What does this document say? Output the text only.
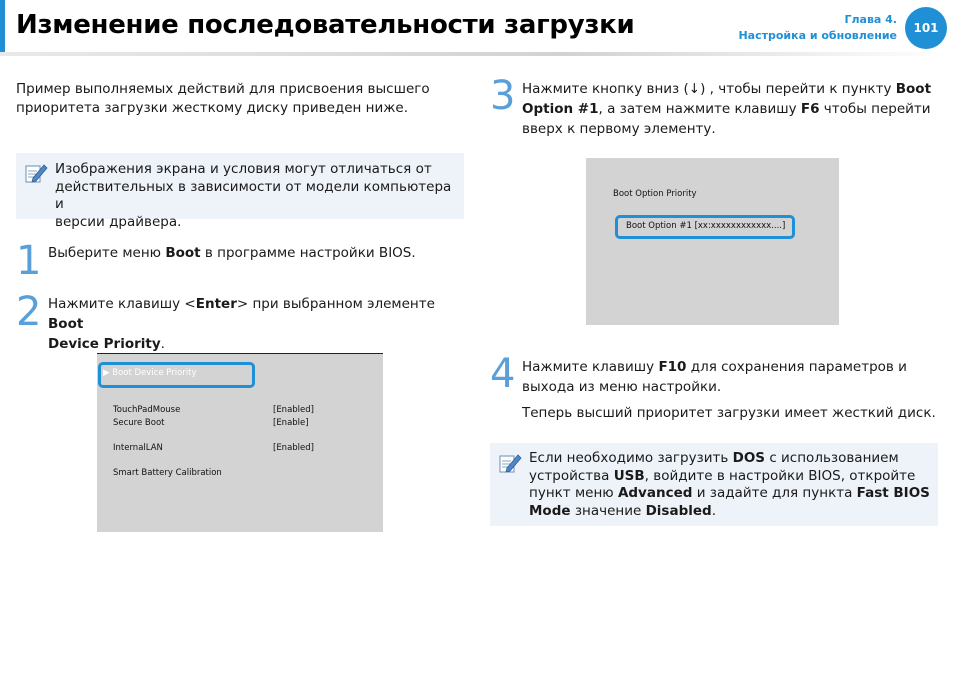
Изменение последовательности загрузки	Глава 4.
Настройка и обновление
101
Пример выполняемых действий для присвоения высшего
приоритета загрузки жесткому диску приведен ниже.
Изображения экрана и условия могут отличаться от
действительных в зависимости от модели компьютера и
версии драйвера.
1 Выберите меню Boot в программе настройки BIOS.
2 Нажмите клавишу <Enter> при выбранном элементе Boot
Device Priority.
▶ Boot Device Priority
TouchPadMouse	[Enabled]
Secure Boot	[Enable]
InternalLAN	[Enabled]
Smart Battery Calibration
3 Нажмите кнопку вниз (↓) , чтобы перейти к пункту Boot
Option #1, а затем нажмите клавишу F6 чтобы перейти
вверх к первому элементу.
Boot Option Priority
Boot Option #1 [xx:xxxxxxxxxxxx....]
4 Нажмите клавишу F10 для сохранения параметров и
выхода из меню настройки.
Теперь высший приоритет загрузки имеет жесткий диск.
Если необходимо загрузить DOS с использованием
устройства USB, войдите в настройки BIOS, откройте
пункт меню Advanced и задайте для пункта Fast BIOS
Mode значение Disabled.
